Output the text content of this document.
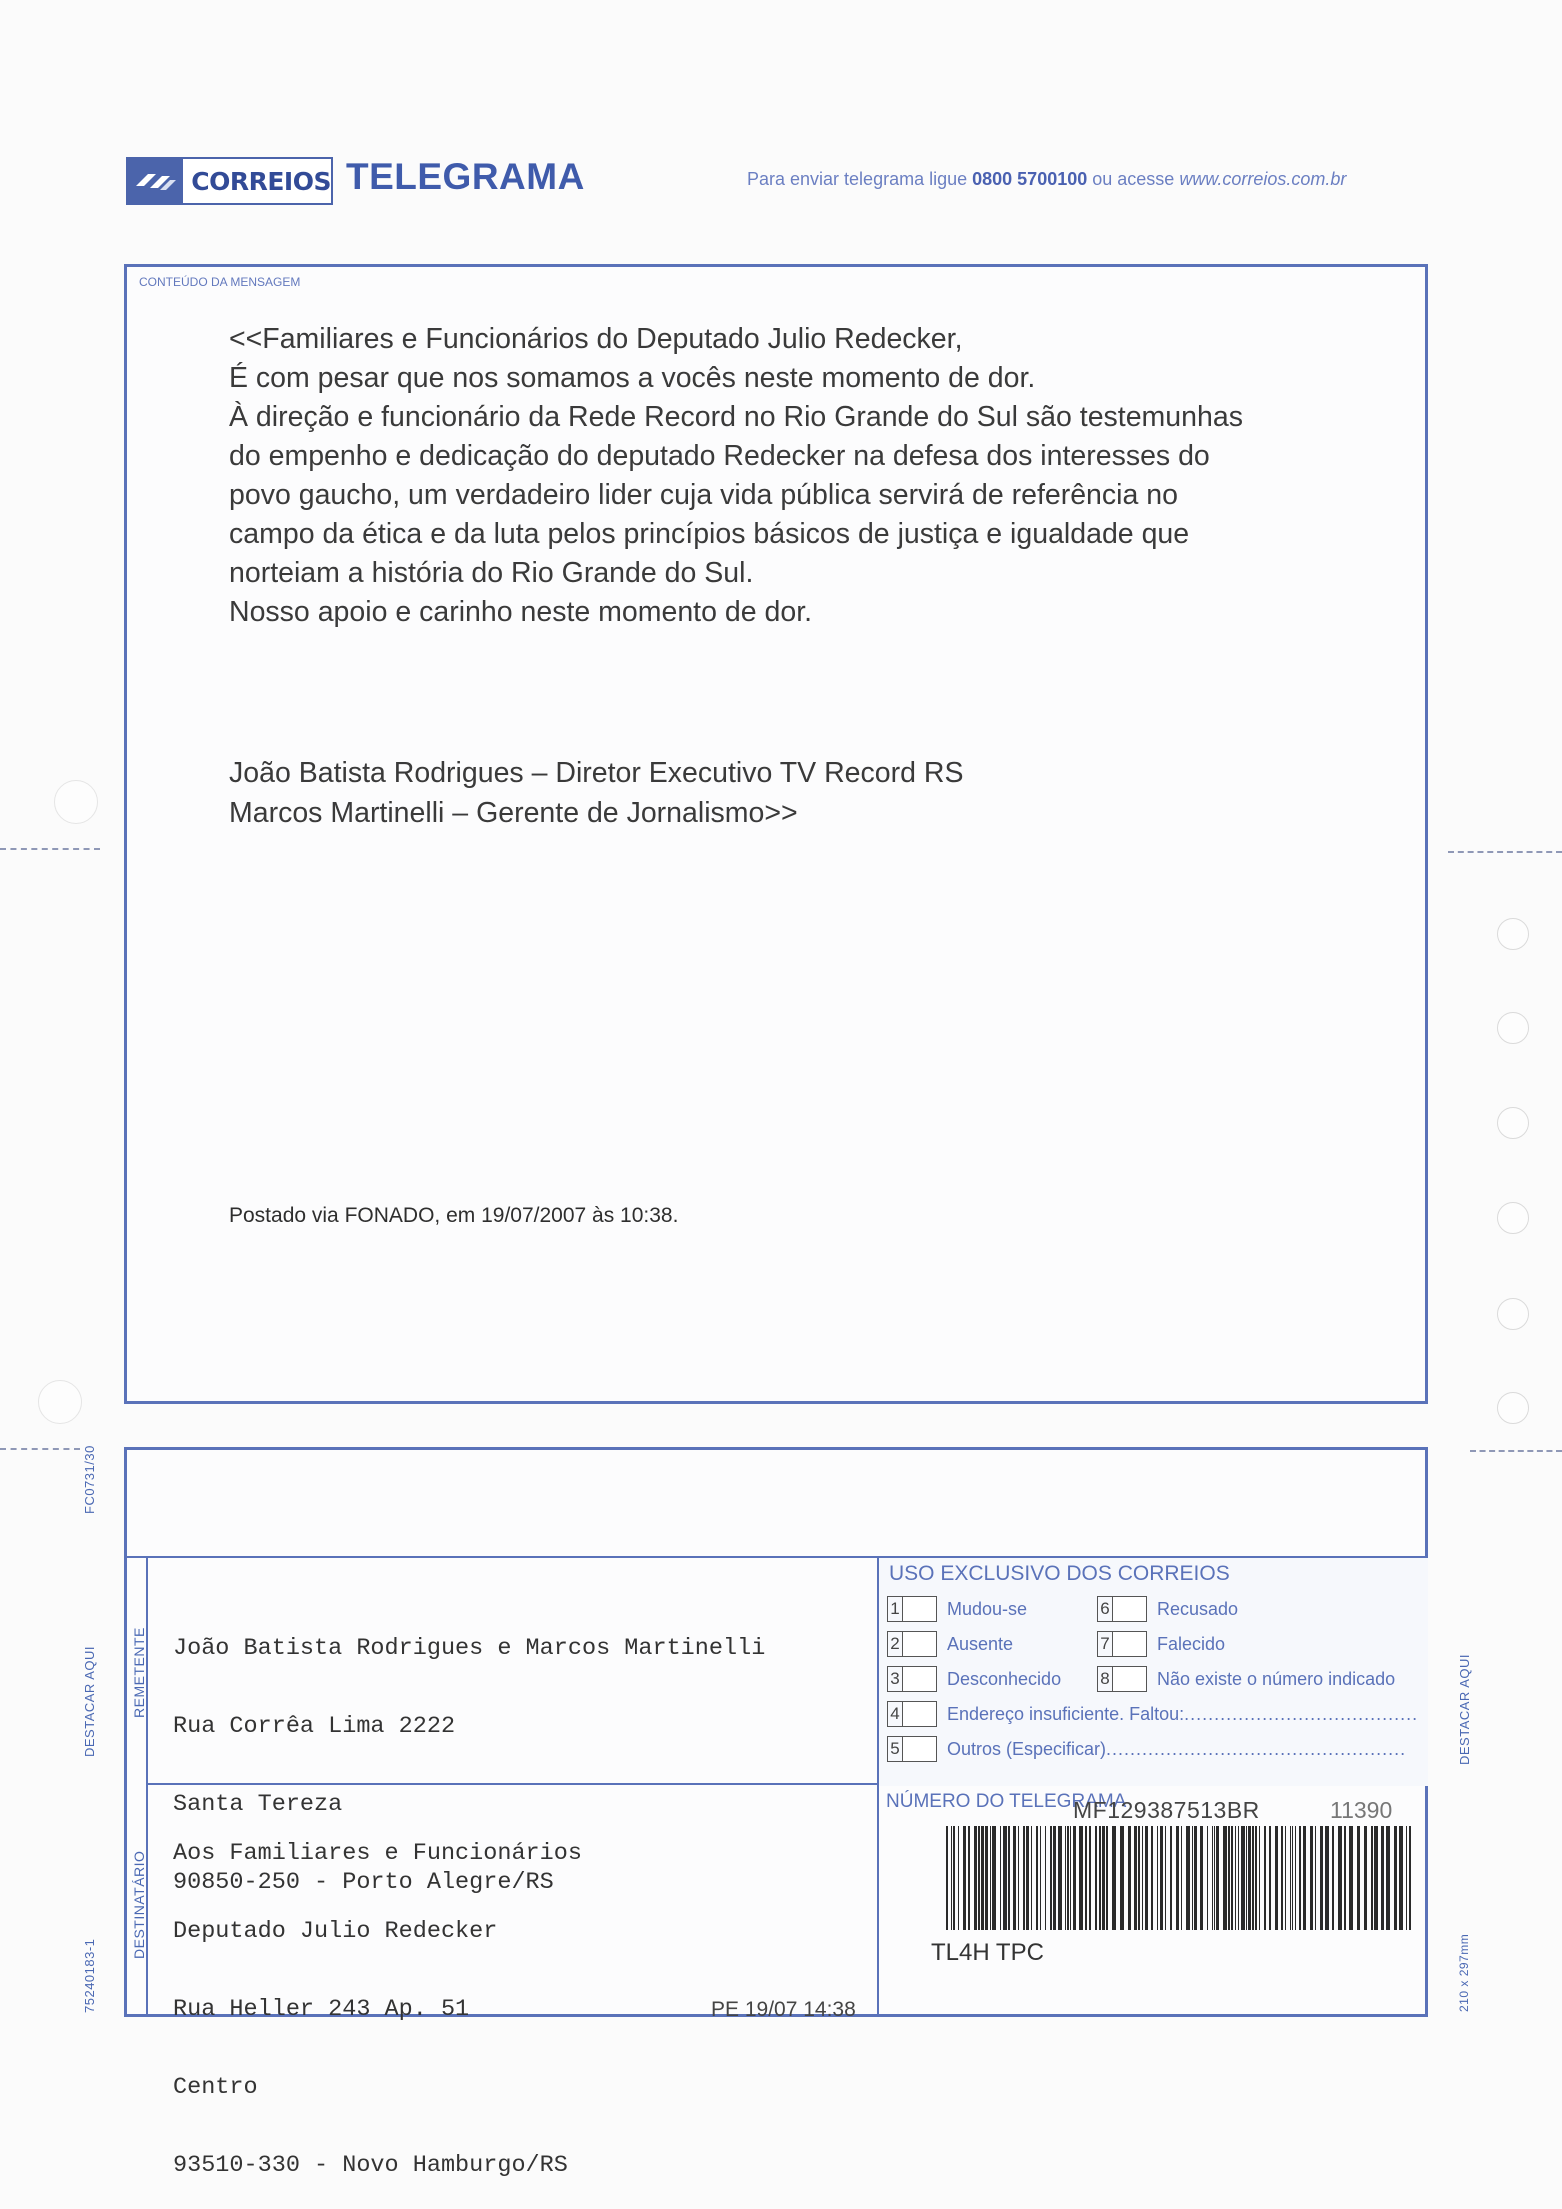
CORREIOS TELEGRAMA	Para enviar telegrama ligue 0800 5700100 ou acesse www.correios.com.br
CONTEÚDO DA MENSAGEM
<<Familiares e Funcionários do Deputado Julio Redecker,
É com pesar que nos somamos a vocês neste momento de dor.
À direção e funcionário da Rede Record no Rio Grande do Sul são testemunhas
do empenho e dedicação do deputado Redecker na defesa dos interesses do
povo gaucho, um verdadeiro lider cuja vida pública servirá de referência no
campo da ética e da luta pelos princípios básicos de justiça e igualdade que
norteiam a história do Rio Grande do Sul.
Nosso apoio e carinho neste momento de dor.
João Batista Rodrigues – Diretor Executivo TV Record RS
Marcos Martinelli – Gerente de Jornalismo>>
Postado via FONADO, em 19/07/2007 às 10:38.
REMETENTE
DESTINATÁRIO

João Batista Rodrigues e Marcos Martinelli

Rua Corrêa Lima 2222

Santa Tereza

90850-250 - Porto Alegre/RS

Aos Familiares e Funcionários

Deputado Julio Redecker

Rua Heller 243 Ap. 51

Centro

93510-330 - Novo Hamburgo/RS

USO EXCLUSIVO DOS CORREIOS
1	Mudou-se	6	Recusado
2	Ausente	7	Falecido
3	Desconhecido 8	Não existe o número indicado
4	Endereço insuficiente. Faltou: .......................................
5	Outros (Especificar) ..................................................
NÚMERO DO TELEGRAMA
MF129387513BR	11390
TL4H TPC
PE 19/07 14:38
FC0731/30
DESTACAR AQUI
75240183-1
DESTACAR AQUI
210 x 297mm
